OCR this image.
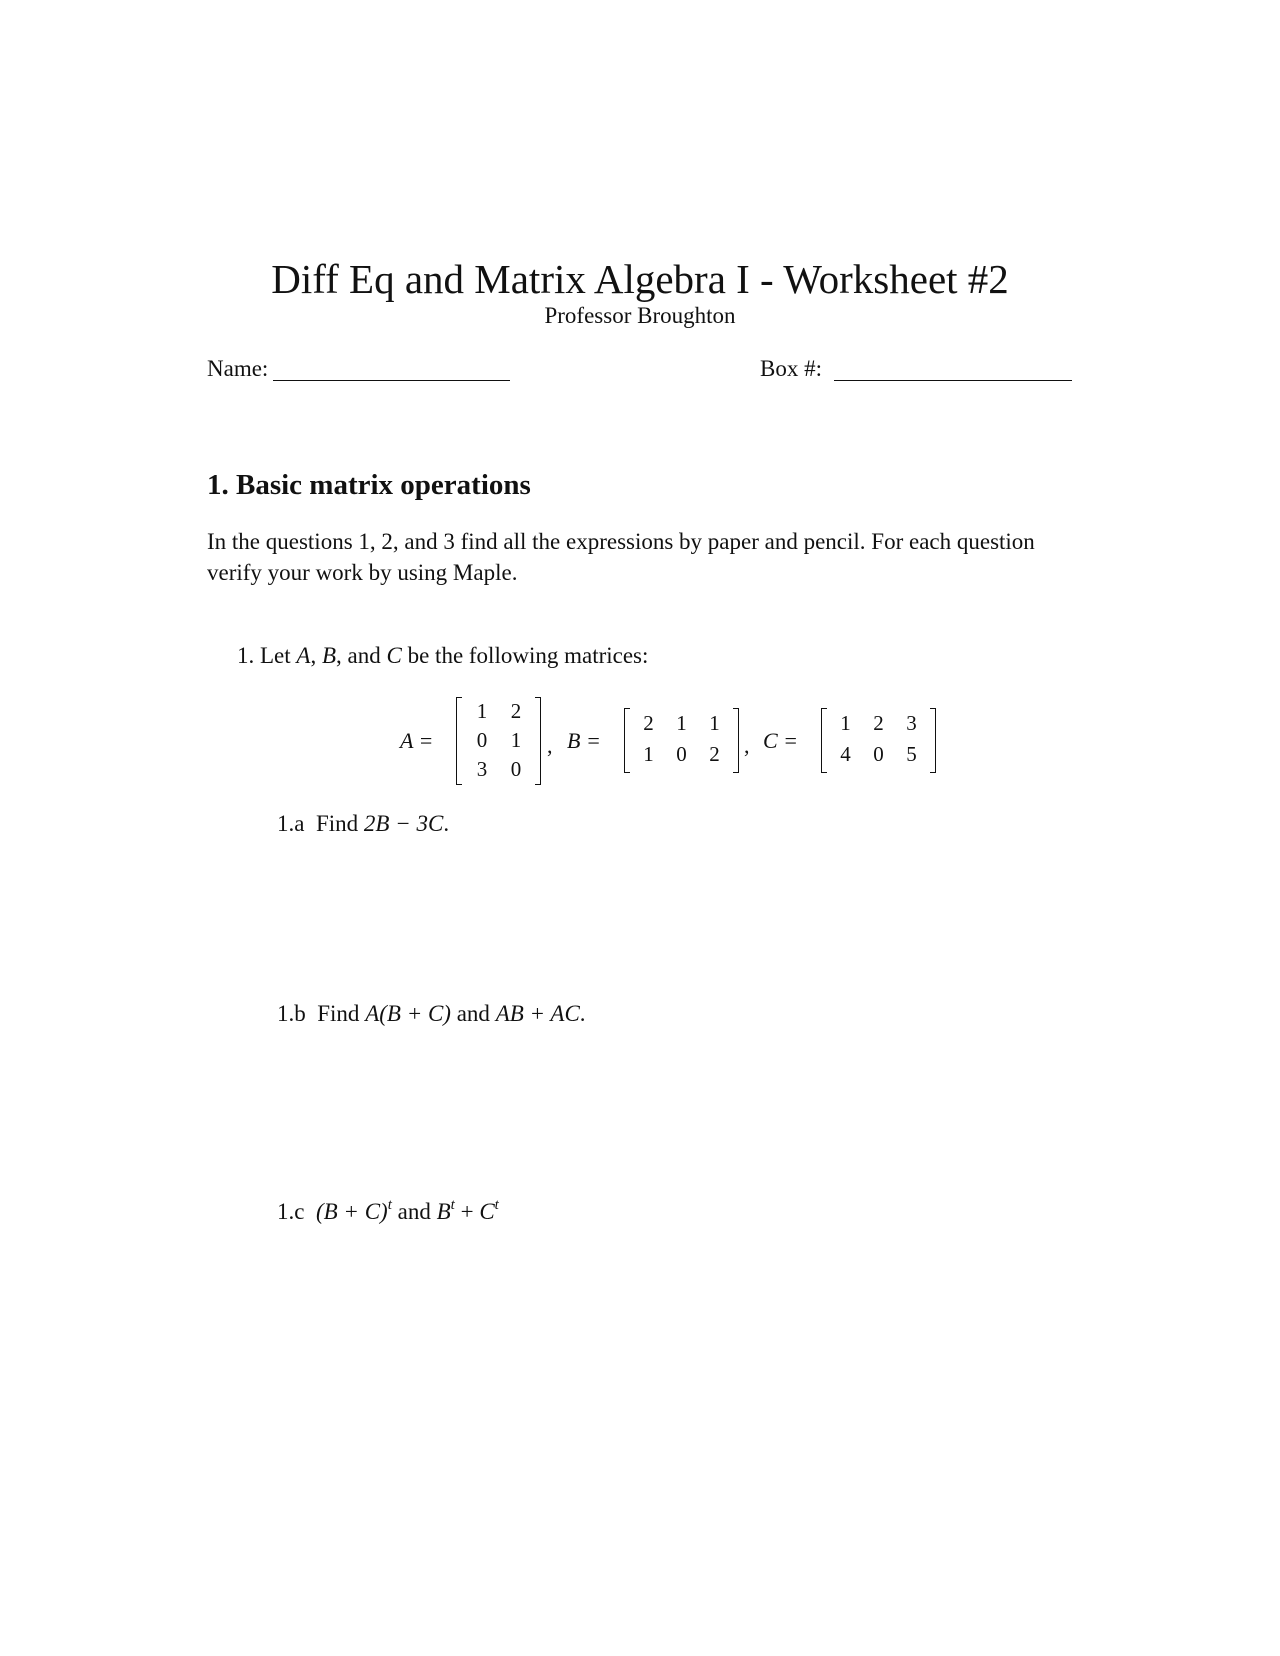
Diff Eq and Matrix Algebra I - Worksheet #2
Professor Broughton
Name:	Box #:
1. Basic matrix operations
In the questions 1, 2, and 3 find all the expressions by paper and pencil. For each question verify your work by using Maple.
1. Let A, B, and C be the following matrices:
A =
1	2
0	1
3	0
, B =
2	1	1
1	0	2	, C =
1	2	3
4	0	5
1.a Find 2B − 3C.
1.b Find A(B + C) and AB + AC.
1.c $(B + C)^t$ and $B^t + C^t$
